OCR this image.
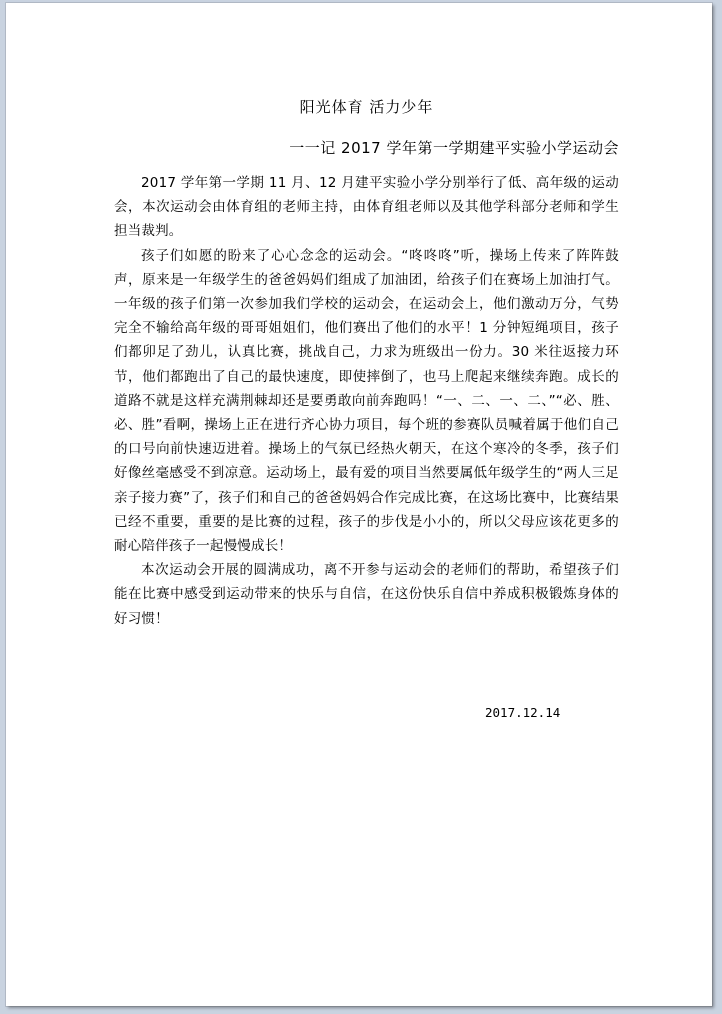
阳光体育 活力少年
一一记 2017 学年第一学期建平实验小学运动会

2017 学年第一学期 11 月、12 月建平实验小学分别举行了低、高年级的运动会，本次运动会由体育组的老师主持，由体育组老师以及其他学科部分老师和学生担当裁判。

孩子们如愿的盼来了心心念念的运动会。“咚咚咚”听，操场上传来了阵阵鼓声，原来是一年级学生的爸爸妈妈们组成了加油团，给孩子们在赛场上加油打气。一年级的孩子们第一次参加我们学校的运动会，在运动会上，他们激动万分，气势完全不输给高年级的哥哥姐姐们，他们赛出了他们的水平！1 分钟短绳项目，孩子们都卯足了劲儿，认真比赛，挑战自己，力求为班级出一份力。30 米往返接力环节，他们都跑出了自己的最快速度，即使摔倒了，也马上爬起来继续奔跑。成长的道路不就是这样充满荆棘却还是要勇敢向前奔跑吗！“一、二、一、二、”“必、胜、必、胜”看啊，操场上正在进行齐心协力项目，每个班的参赛队员喊着属于他们自己的口号向前快速迈进着。操场上的气氛已经热火朝天，在这个寒冷的冬季，孩子们好像丝毫感受不到凉意。运动场上，最有爱的项目当然要属低年级学生的“两人三足亲子接力赛”了，孩子们和自己的爸爸妈妈合作完成比赛，在这场比赛中，比赛结果已经不重要，重要的是比赛的过程，孩子的步伐是小小的，所以父母应该花更多的耐心陪伴孩子一起慢慢成长！

本次运动会开展的圆满成功，离不开参与运动会的老师们的帮助，希望孩子们能在比赛中感受到运动带来的快乐与自信，在这份快乐自信中养成积极锻炼身体的好习惯！

2017.12.14
